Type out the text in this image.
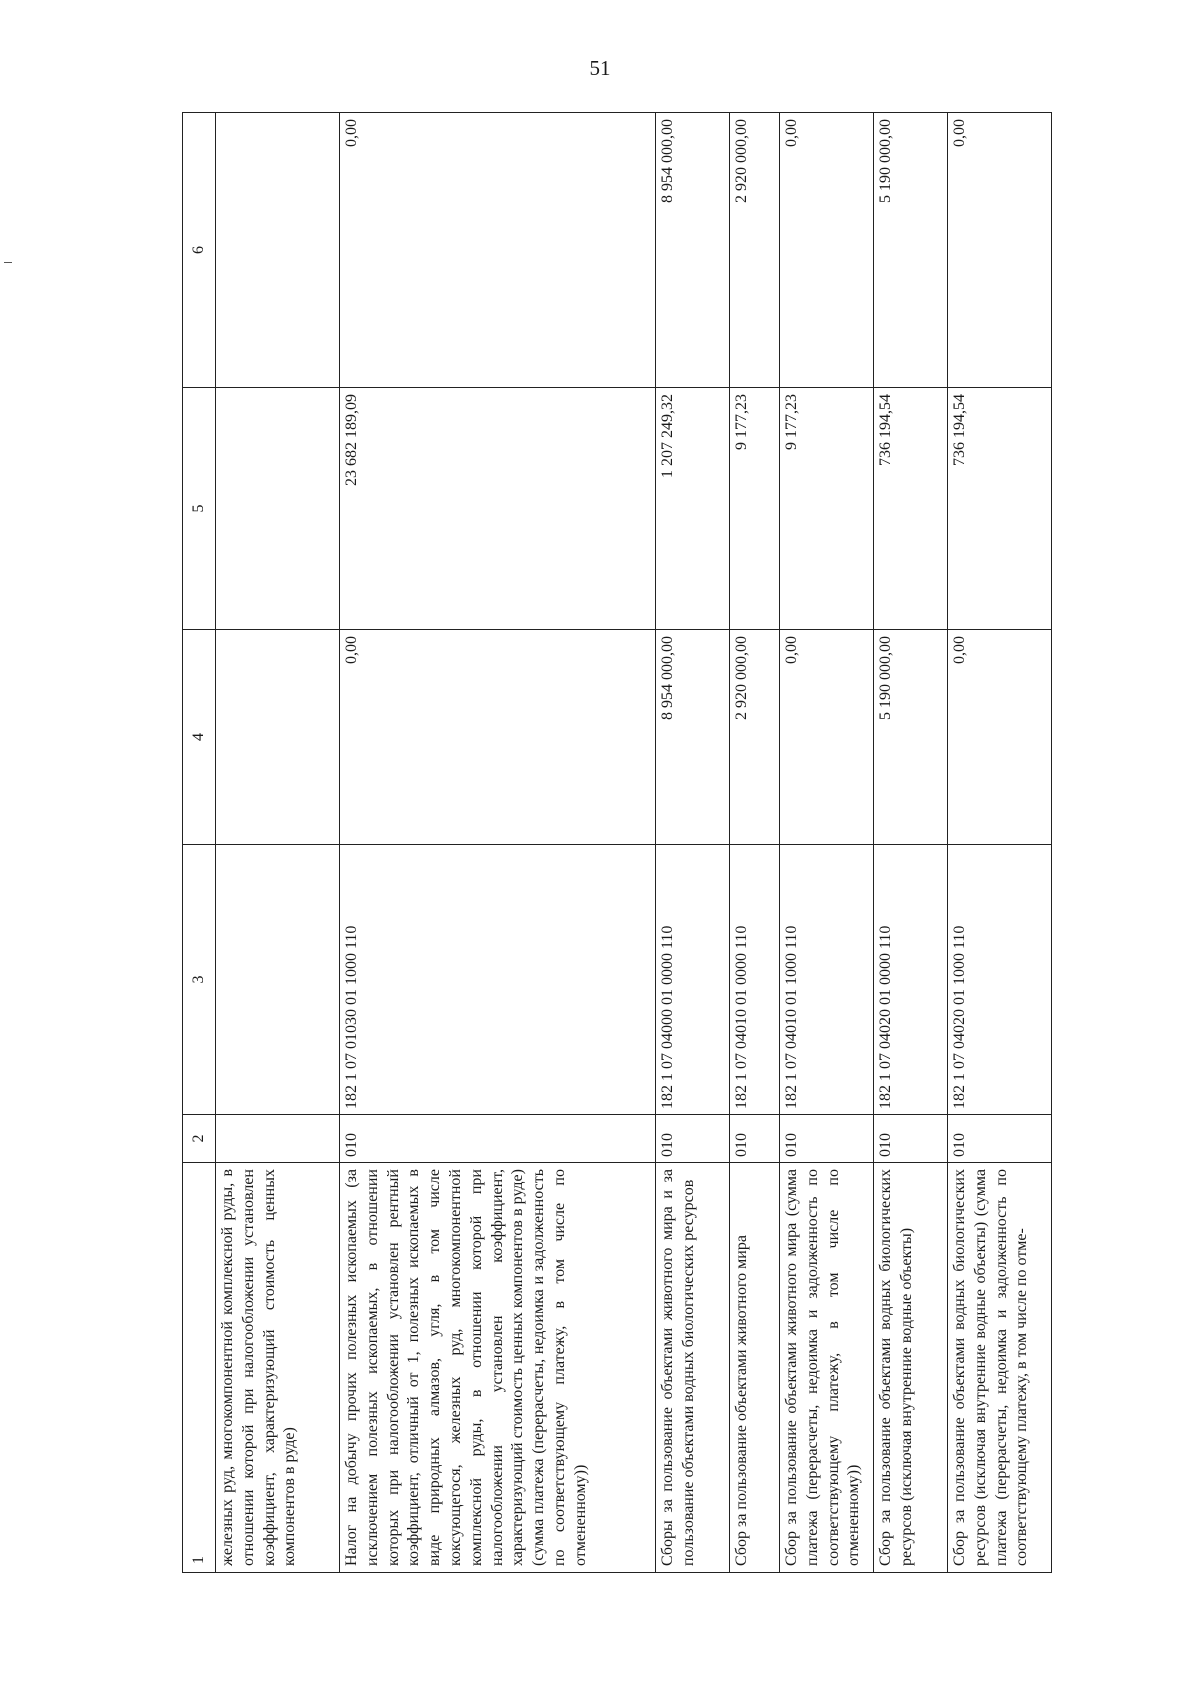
51
1	2	3	4	5	6
железных руд, многокомпонентной комплексной руды, в отношении которой при налогообложении установлен коэффициент, характеризующий стоимость ценных компонентов в руде)					
Налог на добычу прочих полезных ископаемых (за исключением полезных ископаемых, в отношении которых при налогообложении установлен рентный коэффициент, отличный от 1, полезных ископаемых в виде природных алмазов, угля, в том числе коксующегося, железных руд, многокомпонентной комплексной руды, в отношении которой при налогообложении установлен коэффициент, характеризующий стоимость ценных компонентов в руде) (сумма платежа (перерасчеты, недоимка и задолженность по соответствующему платежу, в том числе по отмененному))	010	182 1 07 01030 01 1000 110	0,00	23 682 189,09	0,00
Сборы за пользование объектами животного мира и за пользование объектами водных биологических ресурсов	010	182 1 07 04000 01 0000 110	8 954 000,00	1 207 249,32	8 954 000,00
Сбор за пользование объектами животного мира	010	182 1 07 04010 01 0000 110	2 920 000,00	9 177,23	2 920 000,00
Сбор за пользование объектами животного мира (сумма платежа (перерасчеты, недоимка и задолженность по соответствующему платежу, в том числе по отмененному))	010	182 1 07 04010 01 1000 110	0,00	9 177,23	0,00
Сбор за пользование объектами водных биологических ресурсов (исключая внутренние водные объекты)	010	182 1 07 04020 01 0000 110	5 190 000,00	736 194,54	5 190 000,00
Сбор за пользование объектами водных биологических ресурсов (исключая внутренние водные объекты) (сумма платежа (перерасчеты, недоимка и задолженность по соответствующему платежу, в том числе по отме-	010	182 1 07 04020 01 1000 110	0,00	736 194,54	0,00
